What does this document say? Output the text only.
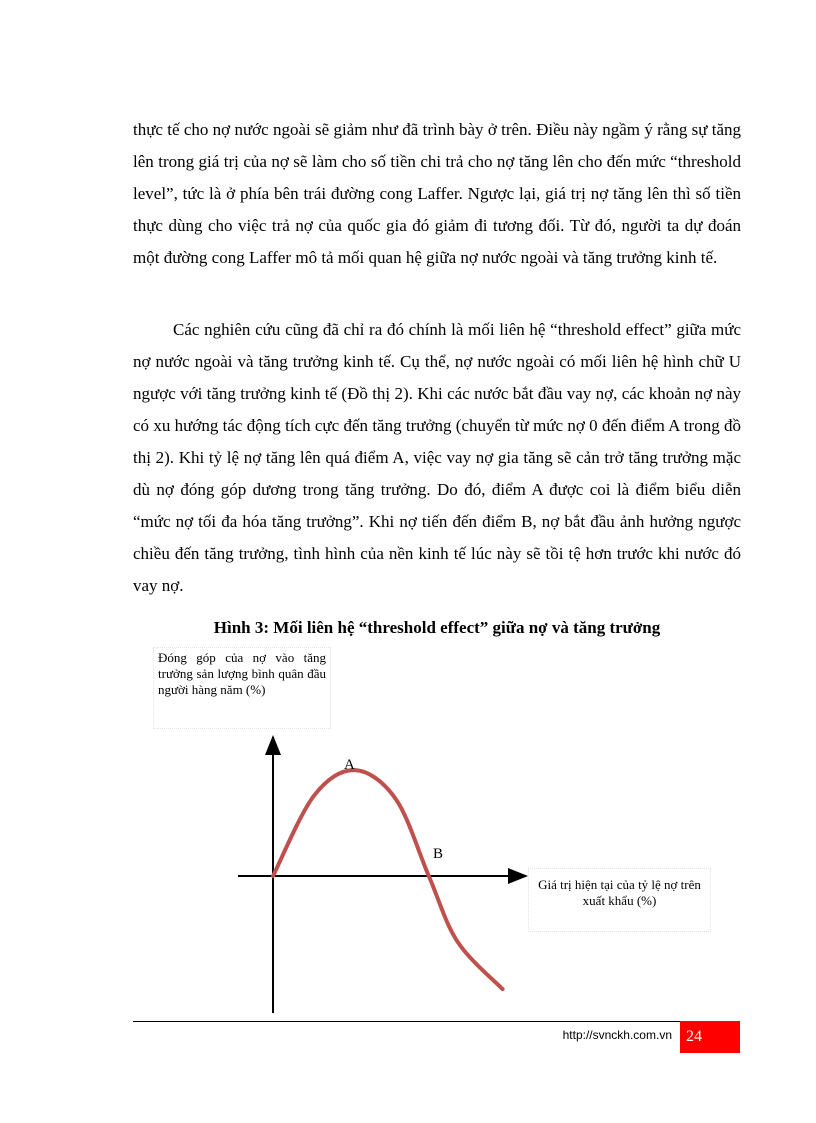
thực tế cho nợ nước ngoài sẽ giảm như đã trình bày ở trên. Điều này ngầm ý rằng sự tăng lên trong giá trị của nợ sẽ làm cho số tiền chi trả cho nợ tăng lên cho đến mức “threshold level”, tức là ở phía bên trái đường cong Laffer. Ngược lại, giá trị nợ tăng lên thì số tiền thực dùng cho việc trả nợ của quốc gia đó giảm đi tương đối. Từ đó, người ta dự đoán một đường cong Laffer mô tả mối quan hệ giữa nợ nước ngoài và tăng trưởng kinh tế.

Các nghiên cứu cũng đã chỉ ra đó chính là mối liên hệ “threshold effect” giữa mức nợ nước ngoài và tăng trưởng kinh tế. Cụ thể, nợ nước ngoài có mối liên hệ hình chữ U ngược với tăng trưởng kinh tế (Đồ thị 2). Khi các nước bắt đầu vay nợ, các khoản nợ này có xu hướng tác động tích cực đến tăng trưởng (chuyển từ mức nợ 0 đến điểm A trong đồ thị 2). Khi tỷ lệ nợ tăng lên quá điểm A, việc vay nợ gia tăng sẽ cản trở tăng trưởng mặc dù nợ đóng góp dương trong tăng trưởng. Do đó, điểm A được coi là điểm biểu diễn “mức nợ tối đa hóa tăng trưởng”. Khi nợ tiến đến điểm B, nợ bắt đầu ảnh hưởng ngược chiều đến tăng trưởng, tình hình của nền kinh tế lúc này sẽ tồi tệ hơn trước khi nước đó vay nợ.

Hình 3: Mối liên hệ “threshold effect” giữa nợ và tăng trưởng
Đóng góp của nợ vào tăng trưởng sản lượng bình quân đầu người hàng năm (%)
Giá trị hiện tại của tỷ lệ nợ trên xuất khẩu (%)
A
B
http://svnckh.com.vn 24
